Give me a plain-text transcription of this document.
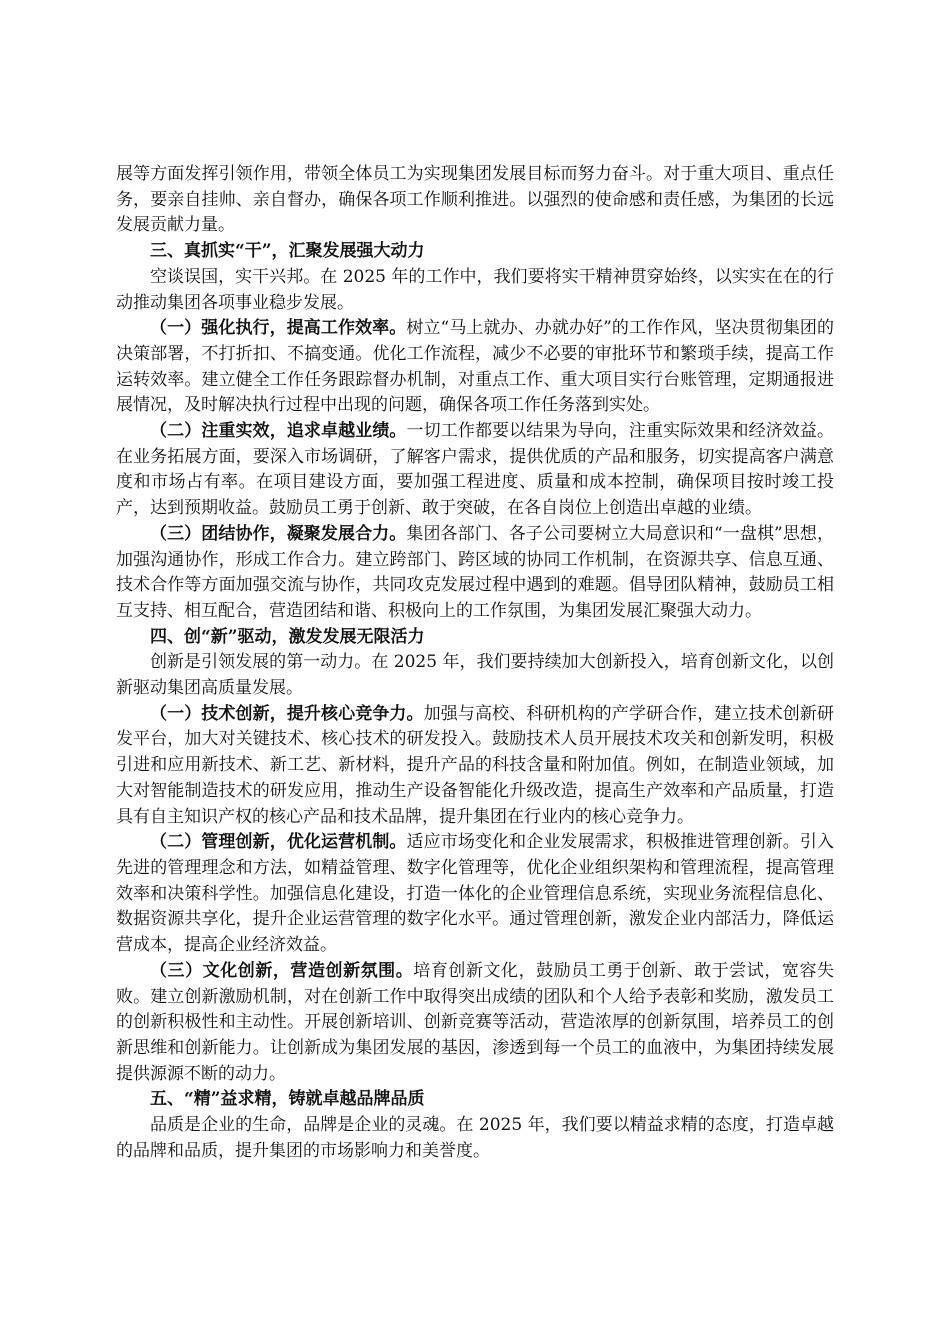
展等方面发挥引领作用，带领全体员工为实现集团发展目标而努力奋斗。对于重大项目、重点任务，要亲自挂帅、亲自督办，确保各项工作顺利推进。以强烈的使命感和责任感，为集团的长远发展贡献力量。

三、真抓实“干”，汇聚发展强大动力

空谈误国，实干兴邦。在 2025 年的工作中，我们要将实干精神贯穿始终，以实实在在的行动推动集团各项事业稳步发展。

（一）强化执行，提高工作效率。树立“马上就办、办就办好”的工作作风，坚决贯彻集团的决策部署，不打折扣、不搞变通。优化工作流程，减少不必要的审批环节和繁琐手续，提高工作运转效率。建立健全工作任务跟踪督办机制，对重点工作、重大项目实行台账管理，定期通报进展情况，及时解决执行过程中出现的问题，确保各项工作任务落到实处。

（二）注重实效，追求卓越业绩。一切工作都要以结果为导向，注重实际效果和经济效益。在业务拓展方面，要深入市场调研，了解客户需求，提供优质的产品和服务，切实提高客户满意度和市场占有率。在项目建设方面，要加强工程进度、质量和成本控制，确保项目按时竣工投产，达到预期收益。鼓励员工勇于创新、敢于突破，在各自岗位上创造出卓越的业绩。

（三）团结协作，凝聚发展合力。集团各部门、各子公司要树立大局意识和“一盘棋”思想，加强沟通协作，形成工作合力。建立跨部门、跨区域的协同工作机制，在资源共享、信息互通、技术合作等方面加强交流与协作，共同攻克发展过程中遇到的难题。倡导团队精神，鼓励员工相互支持、相互配合，营造团结和谐、积极向上的工作氛围，为集团发展汇聚强大动力。

四、创“新”驱动，激发发展无限活力

创新是引领发展的第一动力。在 2025 年，我们要持续加大创新投入，培育创新文化，以创新驱动集团高质量发展。

（一）技术创新，提升核心竞争力。加强与高校、科研机构的产学研合作，建立技术创新研发平台，加大对关键技术、核心技术的研发投入。鼓励技术人员开展技术攻关和创新发明，积极引进和应用新技术、新工艺、新材料，提升产品的科技含量和附加值。例如，在制造业领域，加大对智能制造技术的研发应用，推动生产设备智能化升级改造，提高生产效率和产品质量，打造具有自主知识产权的核心产品和技术品牌，提升集团在行业内的核心竞争力。

（二）管理创新，优化运营机制。适应市场变化和企业发展需求，积极推进管理创新。引入先进的管理理念和方法，如精益管理、数字化管理等，优化企业组织架构和管理流程，提高管理效率和决策科学性。加强信息化建设，打造一体化的企业管理信息系统，实现业务流程信息化、数据资源共享化，提升企业运营管理的数字化水平。通过管理创新，激发企业内部活力，降低运营成本，提高企业经济效益。

（三）文化创新，营造创新氛围。培育创新文化，鼓励员工勇于创新、敢于尝试，宽容失败。建立创新激励机制，对在创新工作中取得突出成绩的团队和个人给予表彰和奖励，激发员工的创新积极性和主动性。开展创新培训、创新竞赛等活动，营造浓厚的创新氛围，培养员工的创新思维和创新能力。让创新成为集团发展的基因，渗透到每一个员工的血液中，为集团持续发展提供源源不断的动力。

五、“精”益求精，铸就卓越品牌品质

品质是企业的生命，品牌是企业的灵魂。在 2025 年，我们要以精益求精的态度，打造卓越的品牌和品质，提升集团的市场影响力和美誉度。
